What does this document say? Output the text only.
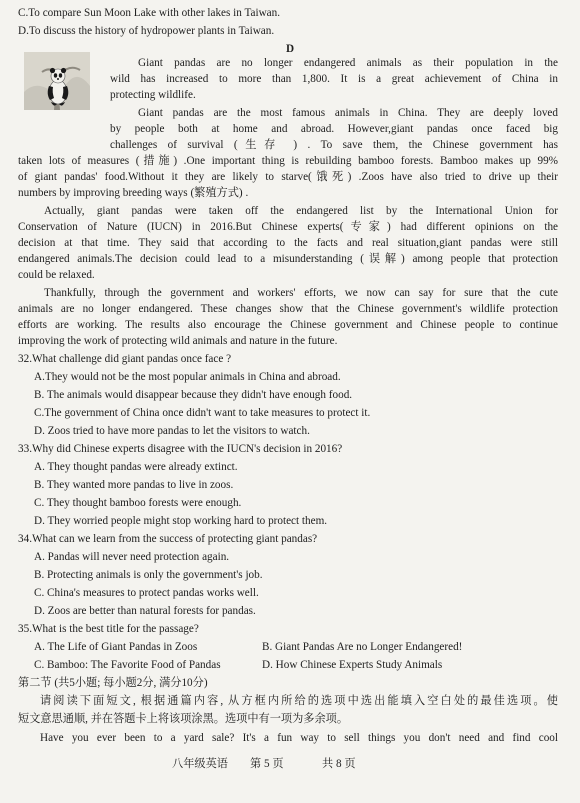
C.To compare Sun Moon Lake with other lakes in Taiwan.
D.To discuss the history of hydropower plants in Taiwan.
D
Giant pandas are no longer endangered animals as their population in the
wild has increased to more than 1,800. It is a great achievement of China in
protecting wildlife.
Giant pandas are the most famous animals in China. They are deeply loved
by people both at home and abroad. However,giant pandas once faced big
challenges of survival (生存 ) . To save them, the Chinese government has
taken lots of measures (措施) .One important thing is rebuilding bamboo forests. Bamboo makes up 99%
of giant pandas' food.Without it they are likely to starve(饿死) .Zoos have also tried to drive up their
numbers by improving breeding ways (繁殖方式) .
Actually, giant pandas were taken off the endangered list by the International Union for
Conservation of Nature (IUCN) in 2016.But Chinese experts(专家) had different opinions on the
decision at that time. They said that according to the facts and real situation,giant pandas were still
endangered animals.The decision could lead to a misunderstanding (误解) among people that protection
could be relaxed.
Thankfully, through the government and workers' efforts, we now can say for sure that the cute
animals are no longer endangered. These changes show that the Chinese government's wildlife protection
efforts are working. The results also encourage the Chinese government and Chinese people to continue
improving the work of protecting wild animals and nature in the future.
32.What challenge did giant pandas once face ?
A.They would not be the most popular animals in China and abroad.
B. The animals would disappear because they didn't have enough food.
C.The government of China once didn't want to take measures to protect it.
D. Zoos tried to have more pandas to let the visitors to watch.
33.Why did Chinese experts disagree with the IUCN's decision in 2016?
A. They thought pandas were already extinct.
B. They wanted more pandas to live in zoos.
C. They thought bamboo forests were enough.
D. They worried people might stop working hard to protect them.
34.What can we learn from the success of protecting giant pandas?
A. Pandas will never need protection again.
B. Protecting animals is only the government's job.
C. China's measures to protect pandas works well.
D. Zoos are better than natural forests for pandas.
35.What is the best title for the passage?
A. The Life of Giant Pandas in Zoos	B. Giant Pandas Are no Longer Endangered!
C. Bamboo: The Favorite Food of Pandas	D. How Chinese Experts Study Animals
第二节 (共5小题; 每小题2分, 满分10分)
请阅读下面短文, 根据通篇内容, 从方框内所给的选项中选出能填入空白处的最佳选项。使
短文意思通顺, 并在答题卡上将该项涂黑。选项中有一项为多余项。
Have you ever been to a yard sale? It's a fun way to sell things you don't need and find cool
八年级英语 第 5 页	共 8 页
